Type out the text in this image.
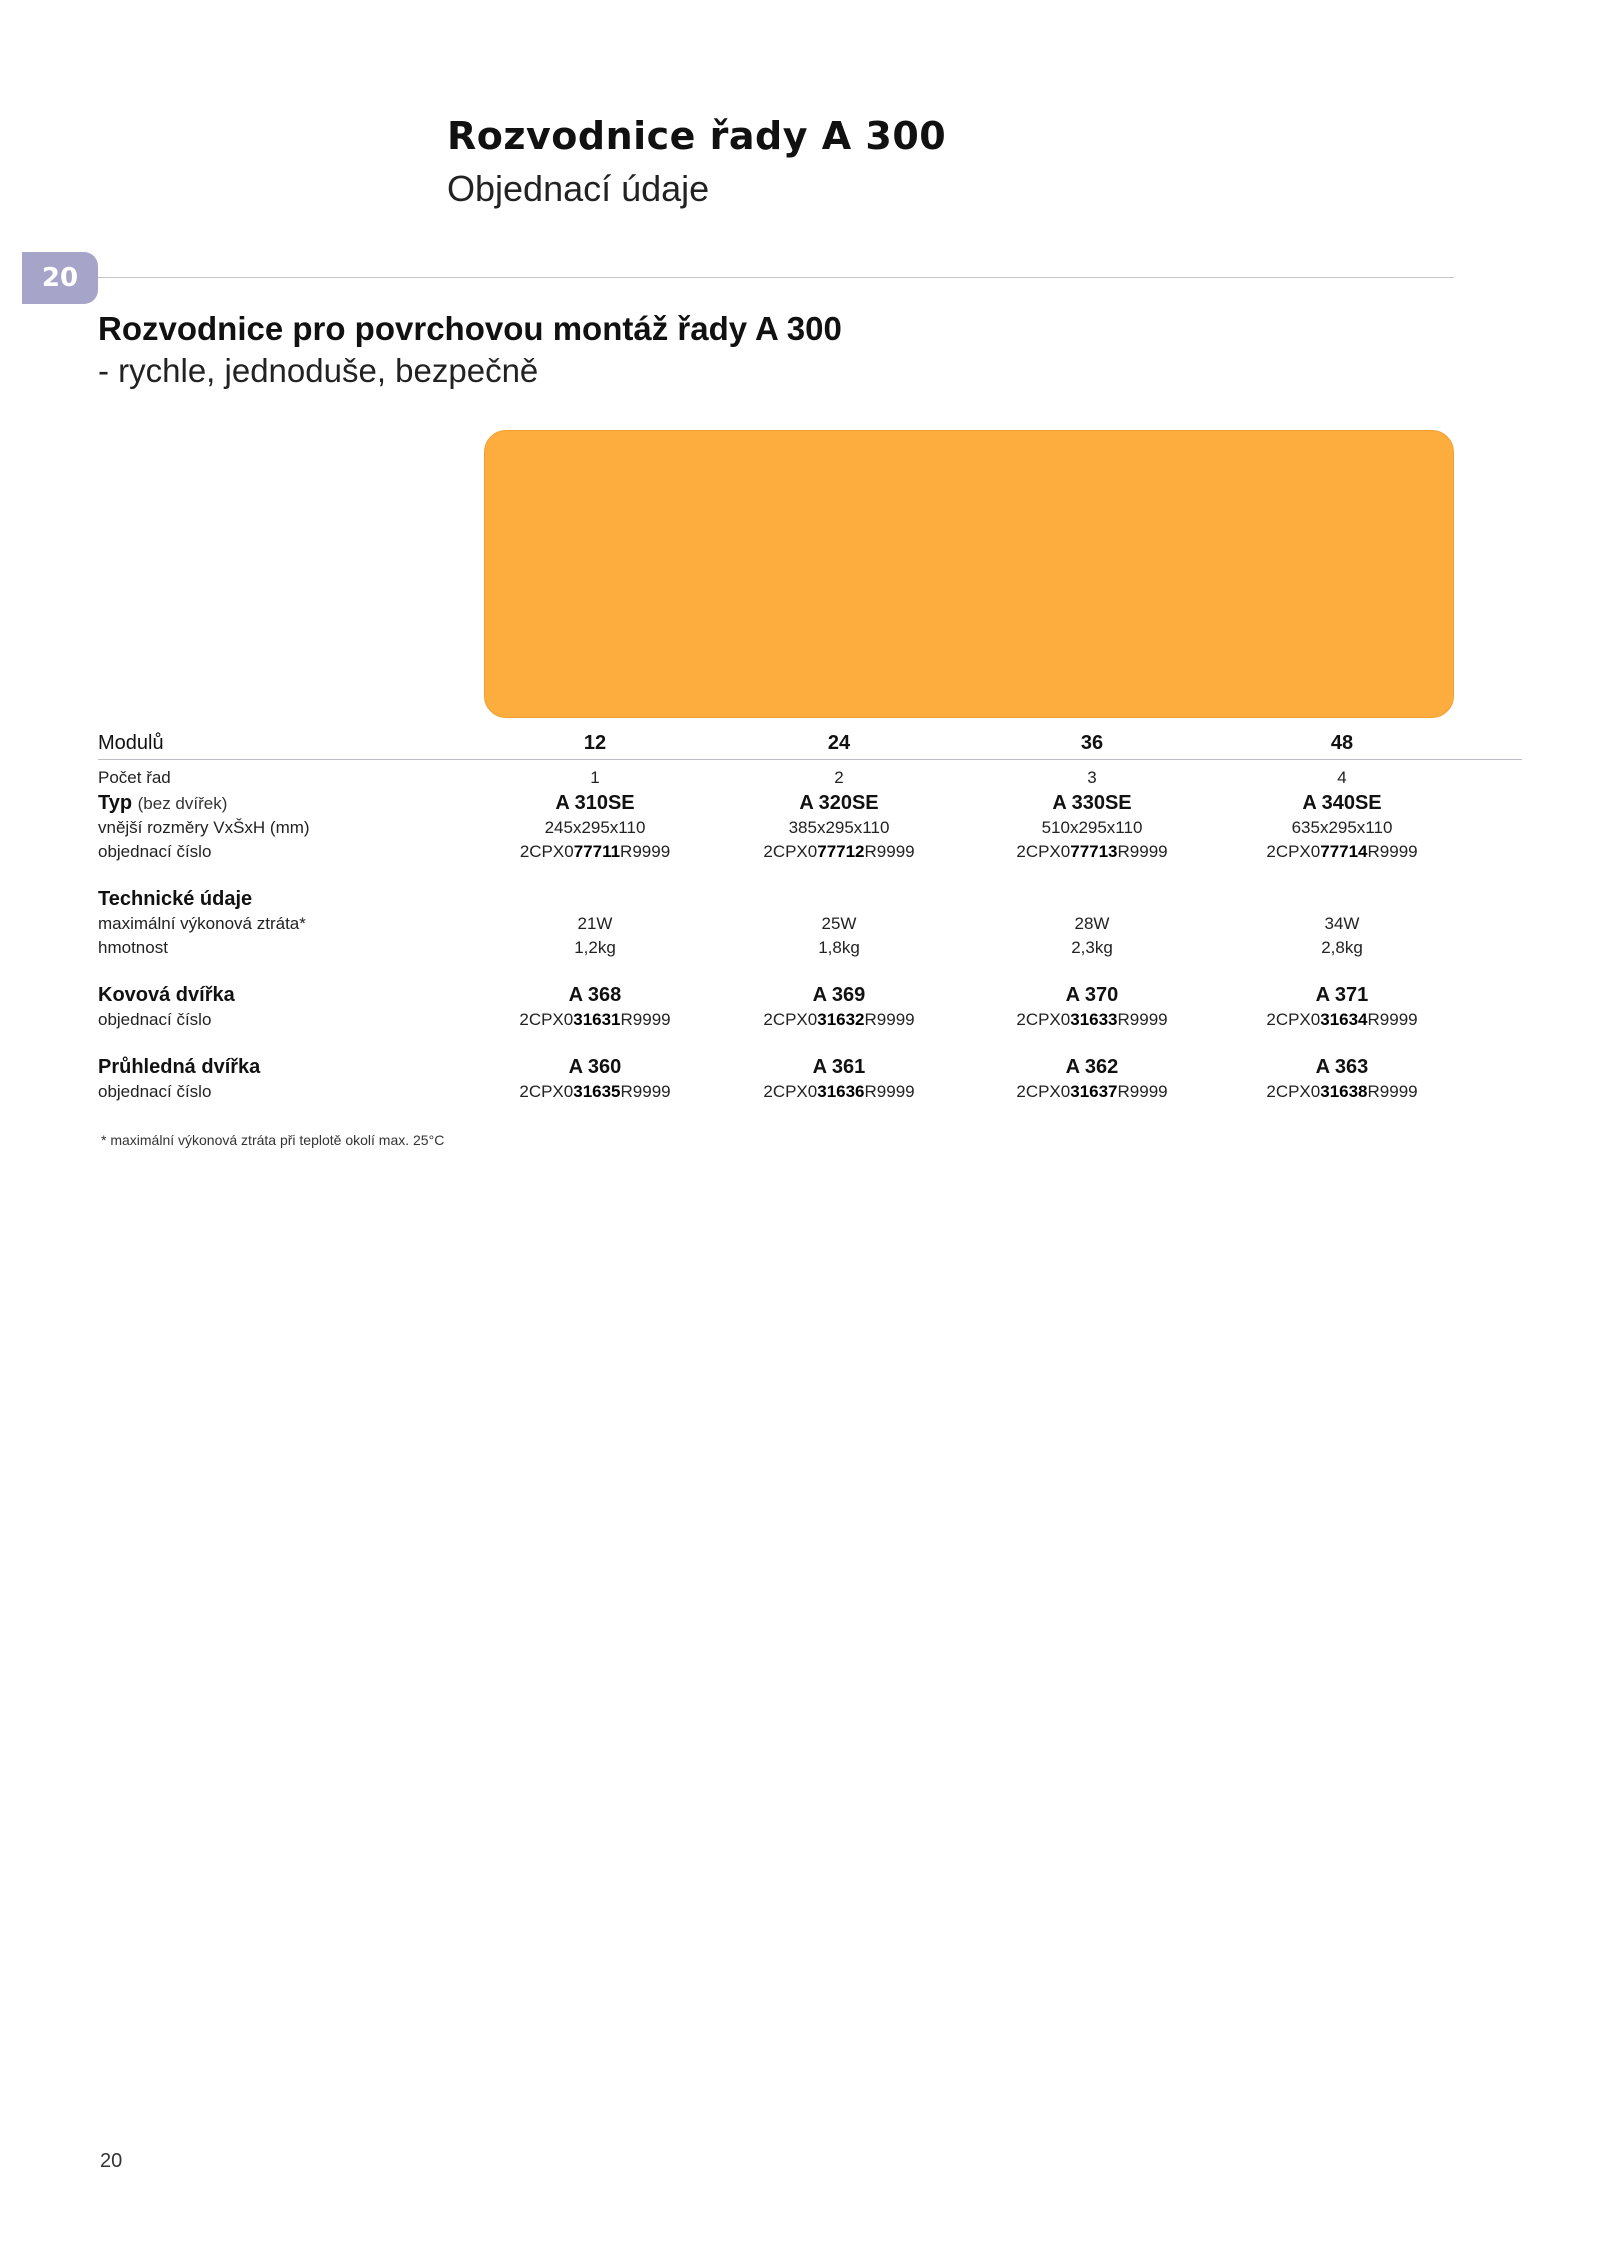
Rozvodnice řady A 300
Objednací údaje
20
Rozvodnice pro povrchovou montáž řady A 300
- rychle, jednoduše, bezpečně
Modulů	12	24	36	48
Počet řad	1	2	3	4
Typ (bez dvířek)	A 310SE	A 320SE	A 330SE	A 340SE
vnější rozměry VxŠxH (mm)	245x295x110	385x295x110	510x295x110	635x295x110
objednací číslo	2CPX077711R9999	2CPX077712R9999	2CPX077713R9999	2CPX077714R9999
Technické údaje
maximální výkonová ztráta*	21W	25W	28W	34W
hmotnost	1,2kg	1,8kg	2,3kg	2,8kg
Kovová dvířka	A 368	A 369	A 370	A 371
objednací číslo	2CPX031631R9999	2CPX031632R9999	2CPX031633R9999	2CPX031634R9999
Průhledná dvířka	A 360	A 361	A 362	A 363
objednací číslo	2CPX031635R9999	2CPX031636R9999	2CPX031637R9999	2CPX031638R9999
* maximální výkonová ztráta při teplotě okolí max. 25°C
20
